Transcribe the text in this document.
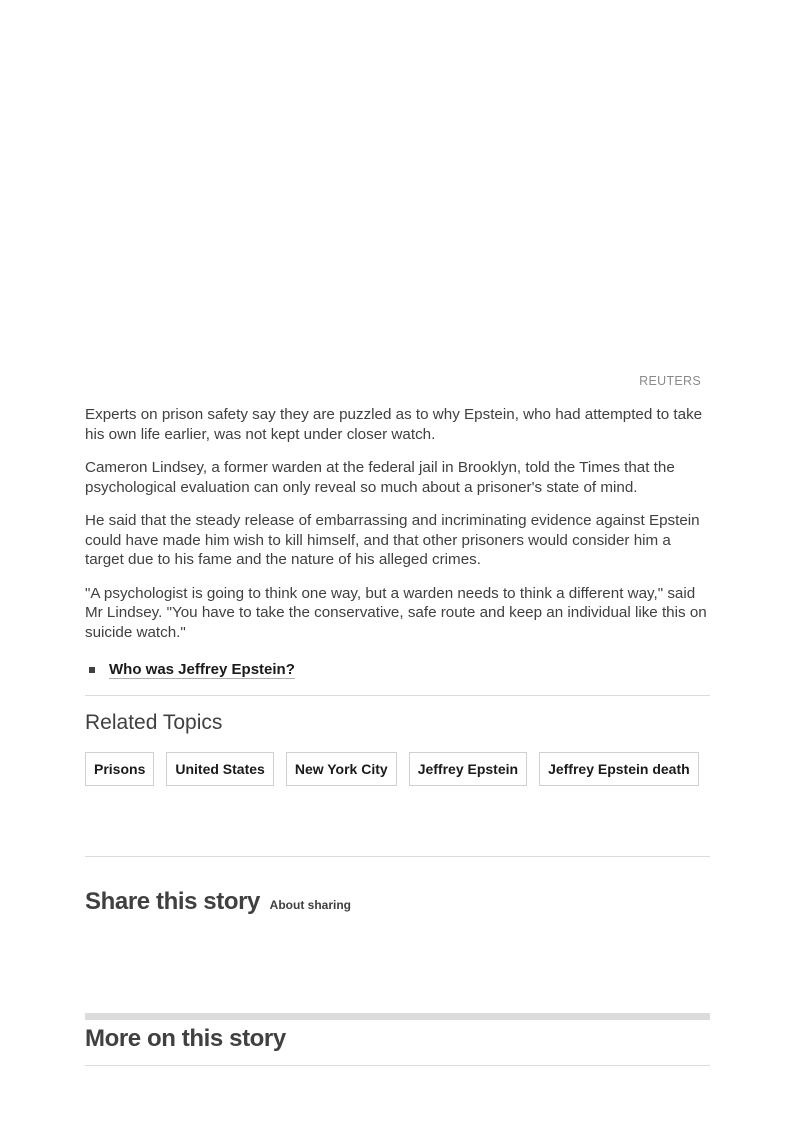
REUTERS

Experts on prison safety say they are puzzled as to why Epstein, who had attempted to take his own life earlier, was not kept under closer watch.

Cameron Lindsey, a former warden at the federal jail in Brooklyn, told the Times that the psychological evaluation can only reveal so much about a prisoner's state of mind.

He said that the steady release of embarrassing and incriminating evidence against Epstein could have made him wish to kill himself, and that other prisoners would consider him a target due to his fame and the nature of his alleged crimes.

"A psychologist is going to think one way, but a warden needs to think a different way," said Mr Lindsey. "You have to take the conservative, safe route and keep an individual like this on suicide watch."

Who was Jeffrey Epstein?
Related Topics
Prisons United States New York City Jeffrey Epstein Jeffrey Epstein death
Share this story About sharing
More on this story
